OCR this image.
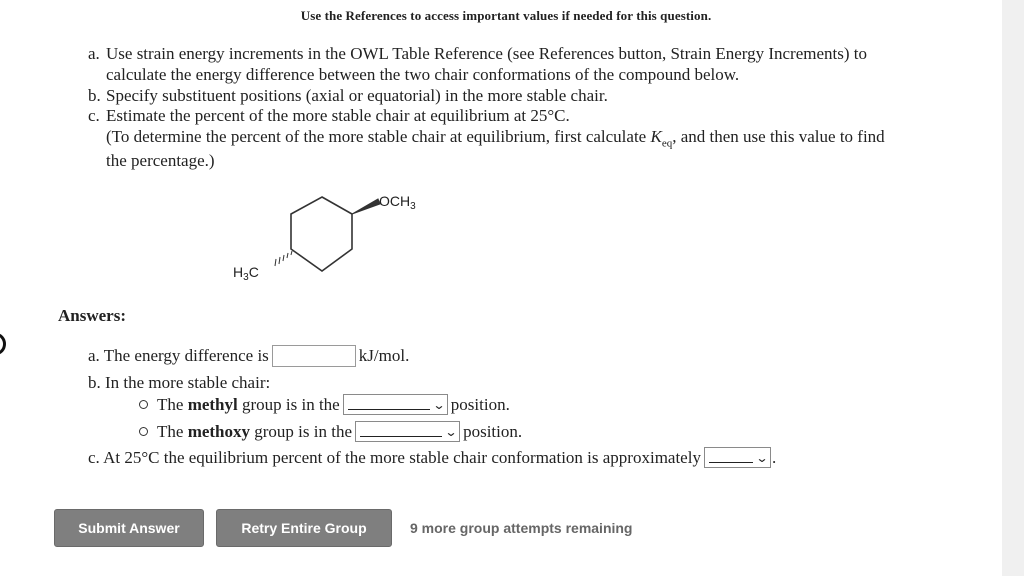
Use the References to access important values if needed for this question.
a. Use strain energy increments in the OWL Table Reference (see References button, Strain Energy Increments) to
calculate the energy difference between the two chair conformations of the compound below.
b. Specify substituent positions (axial or equatorial) in the more stable chair.
c. Estimate the percent of the more stable chair at equilibrium at 25°C.
(To determine the percent of the more stable chair at equilibrium, first calculate $K_{eq}$, and then use this value to find
the percentage.)
$OCH_3$
$H_3C$
Answers:
a. The energy difference is	kJ/mol.
b. In the more stable chair:
The
methyl
group is in the	⌄ position.
The
methoxy
group is in the	⌄ position.
c. At 25°C the equilibrium percent of the more stable chair conformation is approximately	⌄ .
Submit Answer	Retry Entire Group	9 more group attempts remaining
